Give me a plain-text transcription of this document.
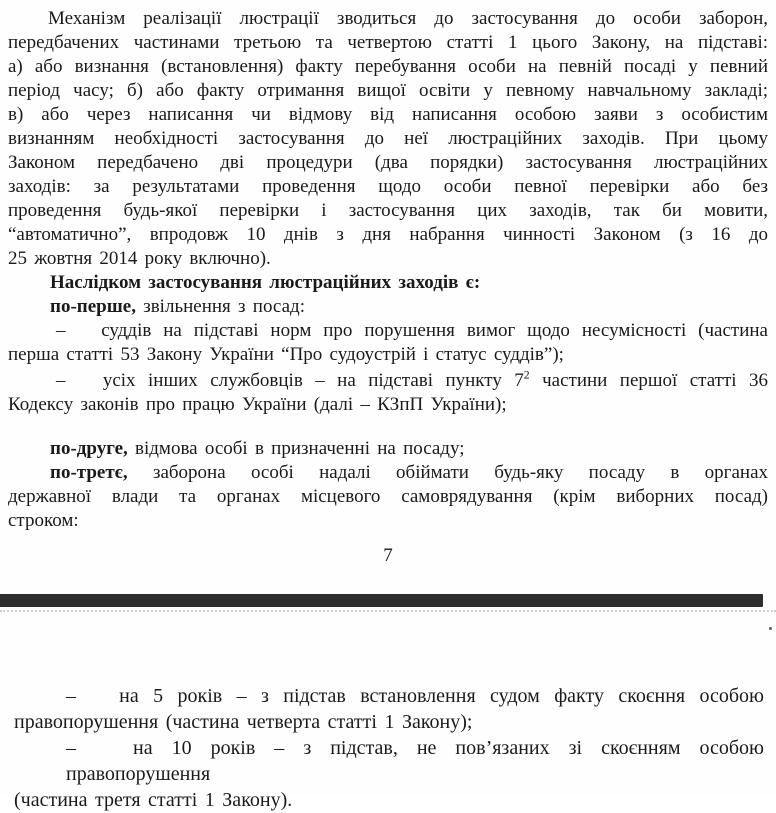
Механізм реалізації люстрації зводиться до застосування до особи заборон,
передбачених частинами третьою та четвертою статті 1 цього Закону, на підставі:
а) або визнання (встановлення) факту перебування особи на певній посаді у певний
період часу; б) або факту отримання вищої освіти у певному навчальному закладі;
в) або через написання чи відмову від написання особою заяви з особистим
визнанням необхідності застосування до неї люстраційних заходів. При цьому
Законом передбачено дві процедури (два порядки) застосування люстраційних
заходів: за результатами проведення щодо особи певної перевірки або без
проведення будь-якої перевірки і застосування цих заходів, так би мовити,
“автоматично”, впродовж 10 днів з дня набрання чинності Законом (з 16 до
25 жовтня 2014 року включно).
Наслідком застосування люстраційних заходів є:
по-перше, звільнення з посад:
–   суддів на підставі норм про порушення вимог щодо несумісності (частина
перша статті 53 Закону України “Про судоустрій і статус суддів”);
–   усіх інших службовців – на підставі пункту $7^2$ частини першої статті 36
Кодексу законів про працю України (далі – КЗпП України);
по-друге, відмова особі в призначенні на посаду;
по-третє, заборона особі надалі обіймати будь-яку посаду в органах
державної влади та органах місцевого самоврядування (крім виборних посад)
строком:
7
–   на 5 років – з підстав встановлення судом факту скоєння особою
правопорушення (частина четверта статті 1 Закону);
–   на 10 років – з підстав, не пов’язаних зі скоєнням особою правопорушення
(частина третя статті 1 Закону).
